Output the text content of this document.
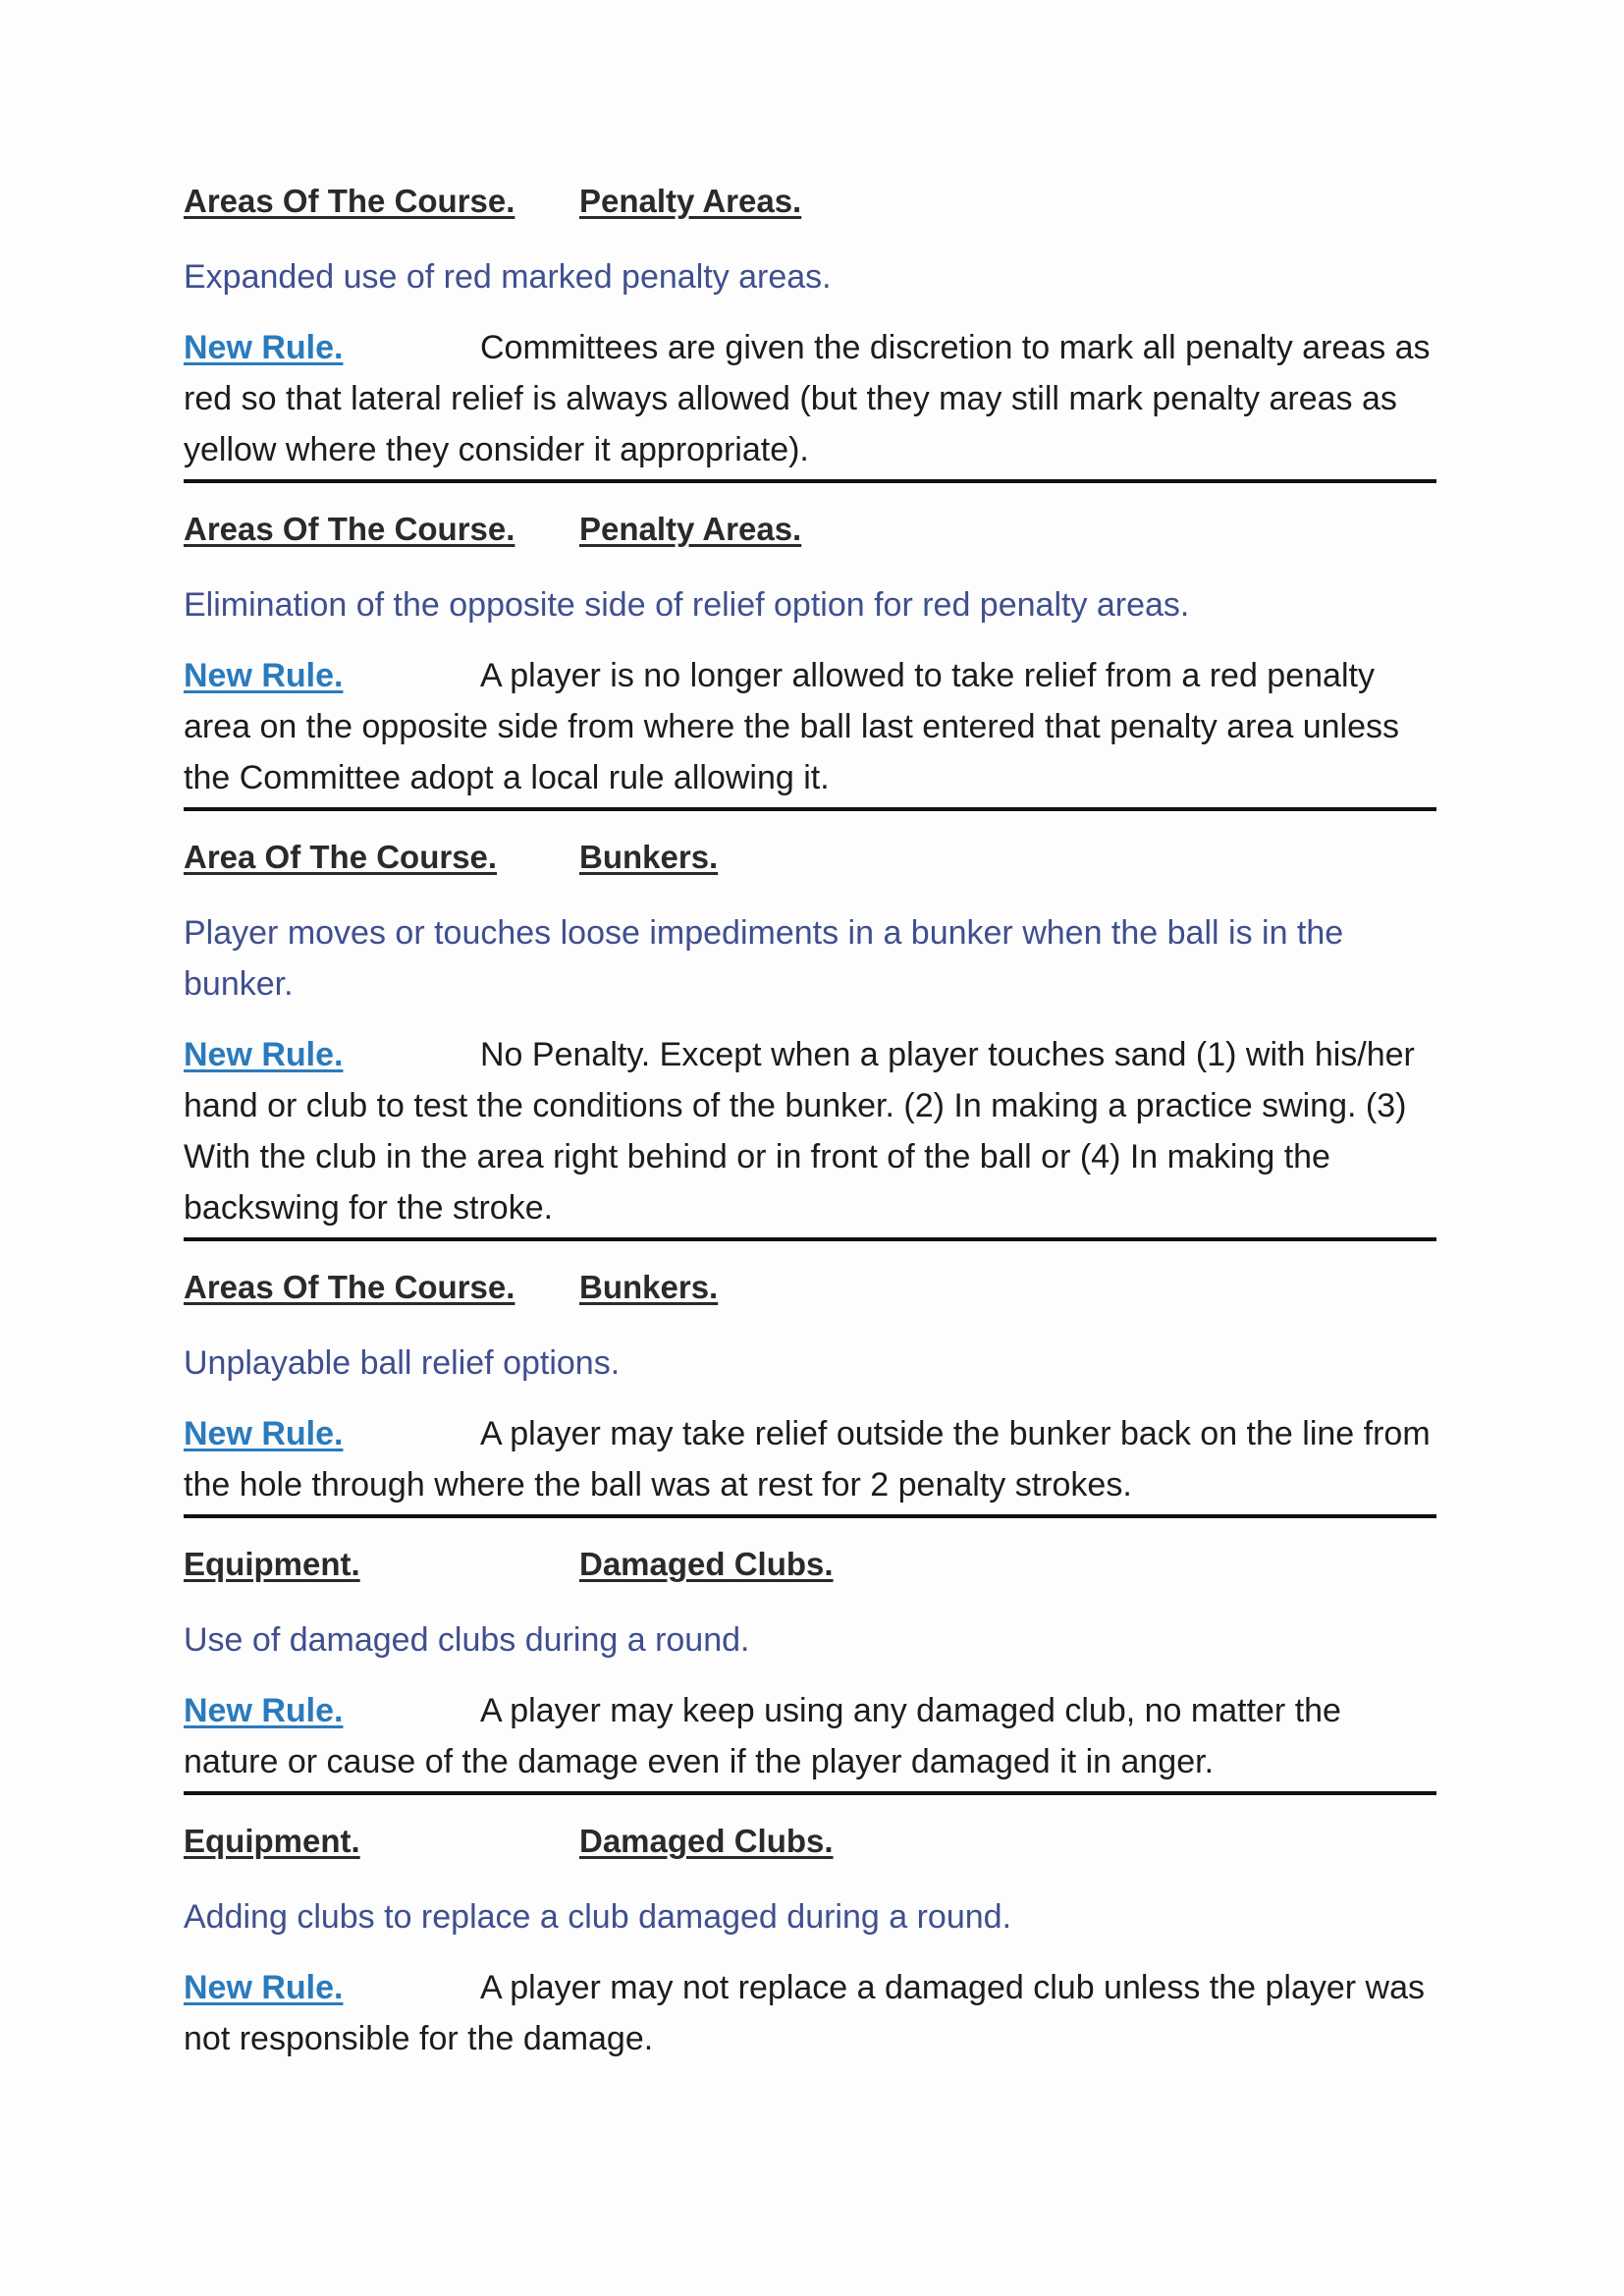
Areas Of The Course. Penalty Areas.
Expanded use of red marked penalty areas.
New Rule.	Committees are given the discretion to mark all penalty areas as red so that lateral relief is always allowed (but they may still mark penalty areas as yellow where they consider it appropriate).
Areas Of The Course. Penalty Areas.
Elimination of the opposite side of relief option for red penalty areas.
New Rule.	A player is no longer allowed to take relief from a red penalty area on the opposite side from where the ball last entered that penalty area unless the Committee adopt a local rule allowing it.
Area Of The Course.	Bunkers.
Player moves or touches loose impediments in a bunker when the ball is in the bunker.
New Rule.	No Penalty. Except when a player touches sand (1) with his/her hand or club to test the conditions of the bunker. (2) In making a practice swing. (3) With the club in the area right behind or in front of the ball or (4) In making the backswing for the stroke.
Areas Of The Course. Bunkers.
Unplayable ball relief options.
New Rule.	A player may take relief outside the bunker back on the line from the hole through where the ball was at rest for 2 penalty strokes.
Equipment.	Damaged Clubs.
Use of damaged clubs during a round.
New Rule.	A player may keep using any damaged club, no matter the nature or cause of the damage even if the player damaged it in anger.
Equipment.	Damaged Clubs.
Adding clubs to replace a club damaged during a round.
New Rule.	A player may not replace a damaged club unless the player was not responsible for the damage.
